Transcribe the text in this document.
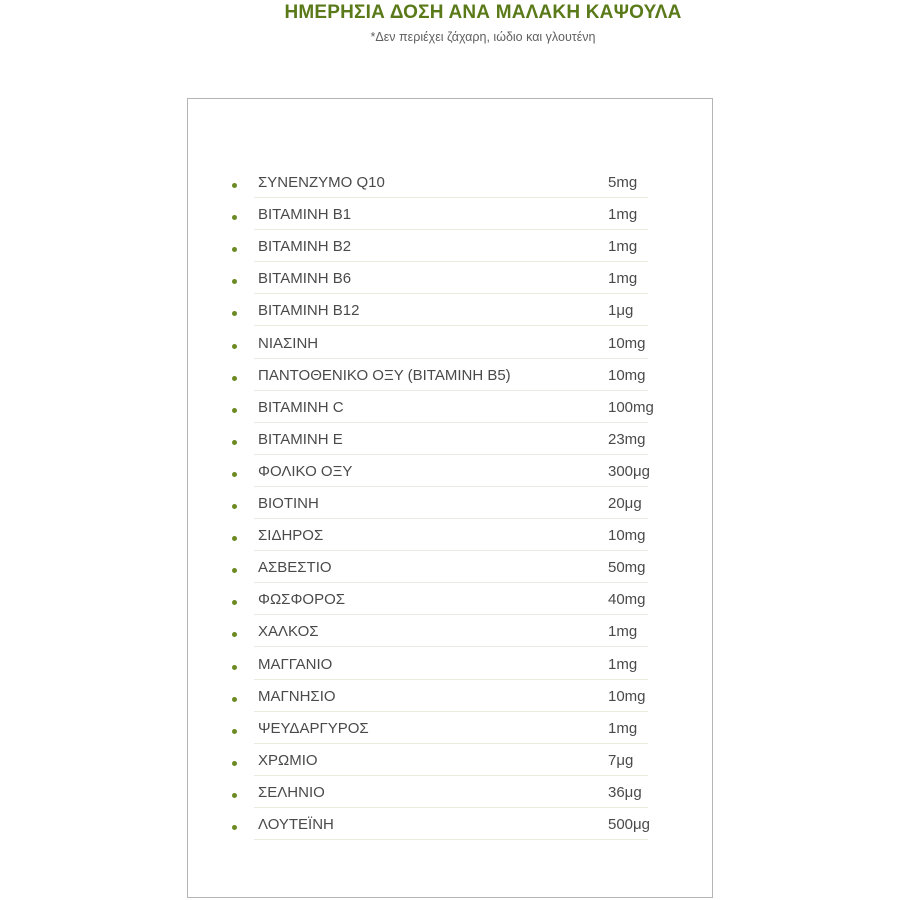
ΗΜΕΡΗΣΙΑ ΔΟΣΗ ΑΝΑ ΜΑΛΑΚΗ ΚΑΨΟΥΛΑ
*Δεν περιέχει ζάχαρη, ιώδιο και γλουτένη
ΣΥΝΕΝΖΥΜΟ Q10	5mg
ΒΙΤΑΜΙΝΗ Β1	1mg
ΒΙΤΑΜΙΝΗ Β2	1mg
ΒΙΤΑΜΙΝΗ Β6	1mg
ΒΙΤΑΜΙΝΗ Β12	1μg
ΝΙΑΣΙΝΗ	10mg
ΠΑΝΤΟΘΕΝΙΚΟ ΟΞΥ (ΒΙΤΑΜΙΝΗ Β5)	10mg
ΒΙΤΑΜΙΝΗ C	100mg
ΒΙΤΑΜΙΝΗ Ε	23mg
ΦΟΛΙΚΟ ΟΞΥ	300μg
ΒΙΟΤΙΝΗ	20μg
ΣΙΔΗΡΟΣ	10mg
ΑΣΒΕΣΤΙΟ	50mg
ΦΩΣΦΟΡΟΣ	40mg
ΧΑΛΚΟΣ	1mg
ΜΑΓΓΑΝΙΟ	1mg
ΜΑΓΝΗΣΙΟ	10mg
ΨΕΥΔΑΡΓΥΡΟΣ	1mg
ΧΡΩΜΙΟ	7μg
ΣΕΛΗΝΙΟ	36μg
ΛΟΥΤΕΪΝΗ	500μg
